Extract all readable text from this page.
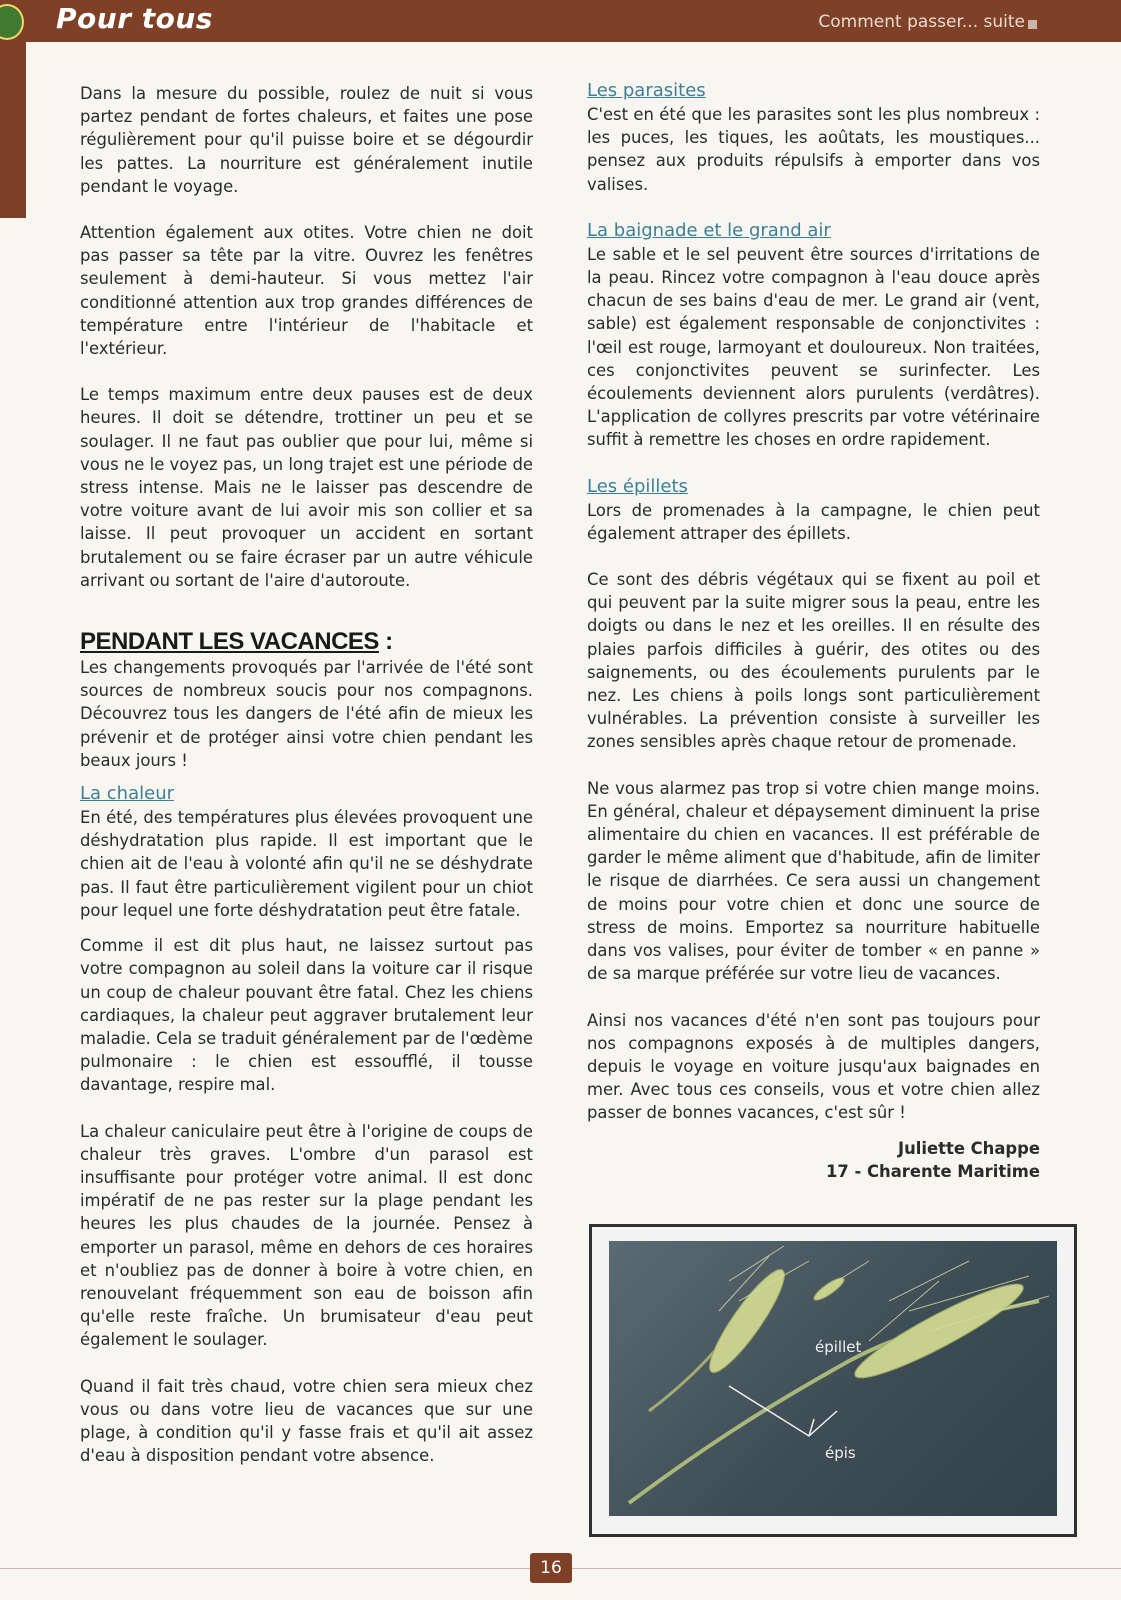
Pour tous	Comment passer... suite

Dans la mesure du possible, roulez de nuit si vous partez pendant de fortes chaleurs, et faites une pose régulièrement pour qu'il puisse boire et se dégourdir les pattes. La nourriture est généralement inutile pendant le voyage.

Attention également aux otites. Votre chien ne doit pas passer sa tête par la vitre. Ouvrez les fenêtres seulement à demi-hauteur. Si vous mettez l'air conditionné attention aux trop grandes différences de température entre l'intérieur de l'habitacle et l'extérieur.

Le temps maximum entre deux pauses est de deux heures. Il doit se détendre, trottiner un peu et se soulager. Il ne faut pas oublier que pour lui, même si vous ne le voyez pas, un long trajet est une période de stress intense. Mais ne le laisser pas descendre de votre voiture avant de lui avoir mis son collier et sa laisse. Il peut provoquer un accident en sortant brutalement ou se faire écraser par un autre véhicule arrivant ou sortant de l'aire d'autoroute.

PENDANT LES VACANCES :

Les changements provoqués par l'arrivée de l'été sont sources de nombreux soucis pour nos compagnons. Découvrez tous les dangers de l'été afin de mieux les prévenir et de protéger ainsi votre chien pendant les beaux jours !

La chaleur

En été, des températures plus élevées provoquent une déshydratation plus rapide. Il est important que le chien ait de l'eau à volonté afin qu'il ne se déshydrate pas. Il faut être particulièrement vigilent pour un chiot pour lequel une forte déshydratation peut être fatale.

Comme il est dit plus haut, ne laissez surtout pas votre compagnon au soleil dans la voiture car il risque un coup de chaleur pouvant être fatal. Chez les chiens cardiaques, la chaleur peut aggraver brutalement leur maladie. Cela se traduit généralement par de l'œdème pulmonaire : le chien est essoufflé, il tousse davantage, respire mal.

La chaleur caniculaire peut être à l'origine de coups de chaleur très graves. L'ombre d'un parasol est insuffisante pour protéger votre animal. Il est donc impératif de ne pas rester sur la plage pendant les heures les plus chaudes de la journée. Pensez à emporter un parasol, même en dehors de ces horaires et n'oubliez pas de donner à boire à votre chien, en renouvelant fréquemment son eau de boisson afin qu'elle reste fraîche. Un brumisateur d'eau peut également le soulager.

Quand il fait très chaud, votre chien sera mieux chez vous ou dans votre lieu de vacances que sur une plage, à condition qu'il y fasse frais et qu'il ait assez d'eau à disposition pendant votre absence.

Les parasites

C'est en été que les parasites sont les plus nombreux : les puces, les tiques, les aoûtats, les moustiques... pensez aux produits répulsifs à emporter dans vos valises.

La baignade et le grand air

Le sable et le sel peuvent être sources d'irritations de la peau. Rincez votre compagnon à l'eau douce après chacun de ses bains d'eau de mer. Le grand air (vent, sable) est également responsable de conjonctivites : l'œil est rouge, larmoyant et douloureux. Non traitées, ces conjonctivites peuvent se surinfecter. Les écoulements deviennent alors purulents (verdâtres). L'application de collyres prescrits par votre vétérinaire suffit à remettre les choses en ordre rapidement.

Les épillets

Lors de promenades à la campagne, le chien peut également attraper des épillets.

Ce sont des débris végétaux qui se fixent au poil et qui peuvent par la suite migrer sous la peau, entre les doigts ou dans le nez et les oreilles. Il en résulte des plaies parfois difficiles à guérir, des otites ou des saignements, ou des écoulements purulents par le nez. Les chiens à poils longs sont particulièrement vulnérables. La prévention consiste à surveiller les zones sensibles après chaque retour de promenade.

Ne vous alarmez pas trop si votre chien mange moins. En général, chaleur et dépaysement diminuent la prise alimentaire du chien en vacances. Il est préférable de garder le même aliment que d'habitude, afin de limiter le risque de diarrhées. Ce sera aussi un changement de moins pour votre chien et donc une source de stress de moins. Emportez sa nourriture habituelle dans vos valises, pour éviter de tomber « en panne » de sa marque préférée sur votre lieu de vacances.

Ainsi nos vacances d'été n'en sont pas toujours pour nos compagnons exposés à de multiples dangers, depuis le voyage en voiture jusqu'aux baignades en mer. Avec tous ces conseils, vous et votre chien allez passer de bonnes vacances, c'est sûr !

Juliette Chappe
17 - Charente Maritime
épillet
épis
16
